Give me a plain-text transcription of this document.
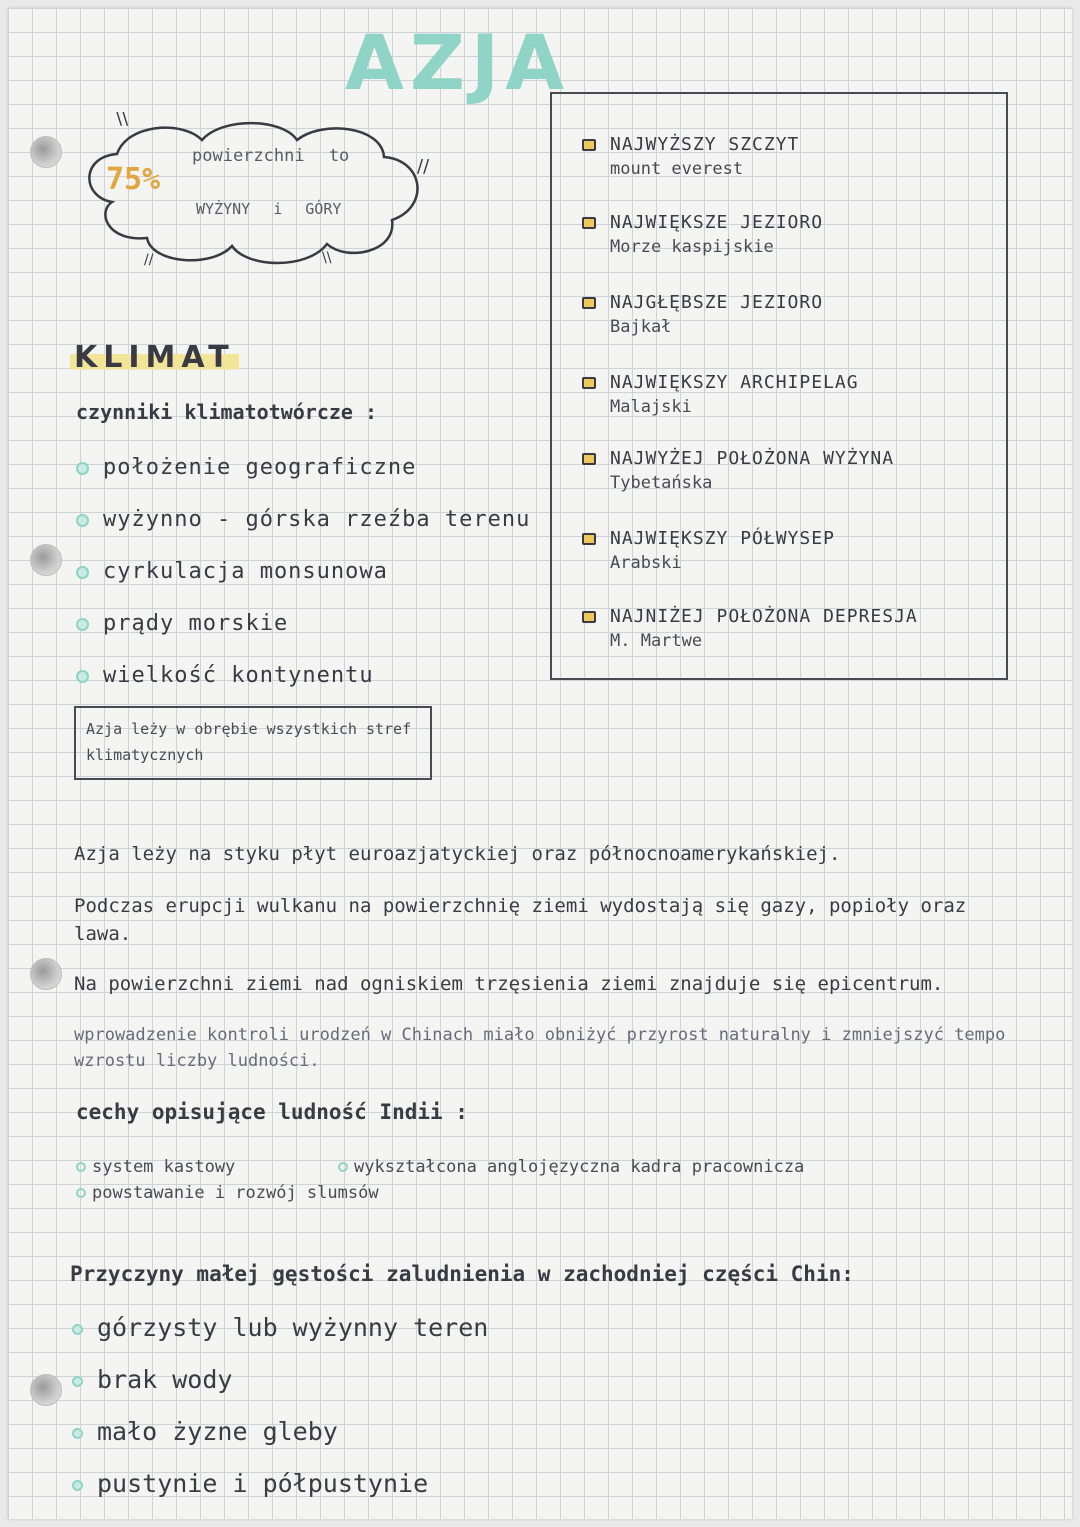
AZJA
\\
//
//	\\
75%
powierzchni to
WYŻYNY i GÓRY
KLIMAT
czynniki klimatotwórcze :
położenie geograficzne
wyżynno - górska rzeźba terenu
cyrkulacja monsunowa
prądy morskie
wielkość kontynentu
Azja leży w obrębie wszystkich stref klimatycznych
NAJWYŻSZY SZCZYT
mount everest
NAJWIĘKSZE JEZIORO
Morze kaspijskie
NAJGŁĘBSZE JEZIORO
Bajkał
NAJWIĘKSZY ARCHIPELAG
Malajski
NAJWYŻEJ POŁOŻONA WYŻYNA
Tybetańska
NAJWIĘKSZY PÓŁWYSEP
Arabski
NAJNIŻEJ POŁOŻONA DEPRESJA
M. Martwe
Azja leży na styku płyt euroazjatyckiej oraz północnoamerykańskiej.
Podczas erupcji wulkanu na powierzchnię ziemi wydostają się gazy, popioły oraz lawa.
Na powierzchni ziemi nad ogniskiem trzęsienia ziemi znajduje się epicentrum.
wprowadzenie kontroli urodzeń w Chinach miało obniżyć przyrost naturalny i zmniejszyć tempo wzrostu liczby ludności.
cechy opisujące ludność Indii :
system kastowy
powstawanie i rozwój slumsów
wykształcona anglojęzyczna kadra pracownicza
Przyczyny małej gęstości zaludnienia w zachodniej części Chin:
górzysty lub wyżynny teren
brak wody
mało żyzne gleby
pustynie i półpustynie
